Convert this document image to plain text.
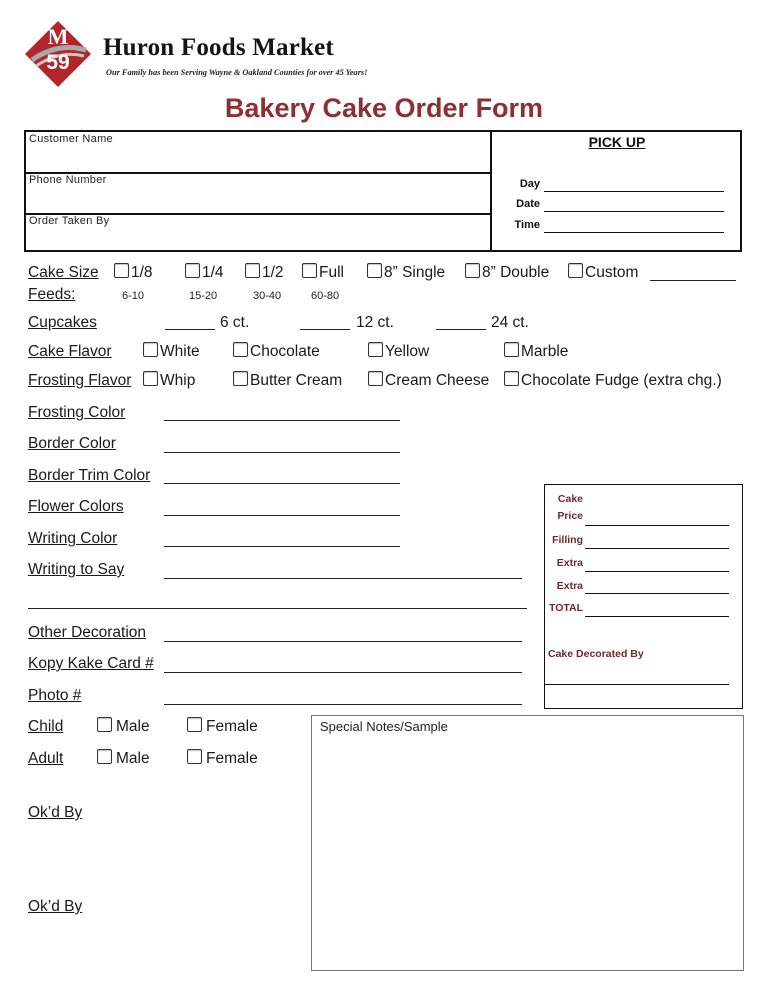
M
59
Huron Foods Market
Our Family has been Serving Wayne & Oakland Counties for over 45 Years!
Bakery Cake Order Form
Customer Name
Phone Number
Order Taken By
PICK UP
Day
Date
Time
Cake Size	1/8	1/4	1/2	Full	8” Single	8” Double	Custom
Feeds:	6-10	15-20	30-40	60-80
Cupcakes	6 ct.	12 ct.	24 ct.
Cake Flavor	White	Chocolate	Yellow	Marble
Frosting Flavor	Whip	Butter Cream	Cream Cheese	Chocolate Fudge (extra chg.)
Frosting Color
Border Color
Border Trim Color
Flower Colors
Writing Color
Writing to Say
Other Decoration
Kopy Kake Card #
Photo #
Cake
Price
Filling
Extra
Extra
TOTAL
Cake Decorated By
Child	Male	Female
Adult	Male	Female
Ok’d By
Ok’d By
Special Notes/Sample
